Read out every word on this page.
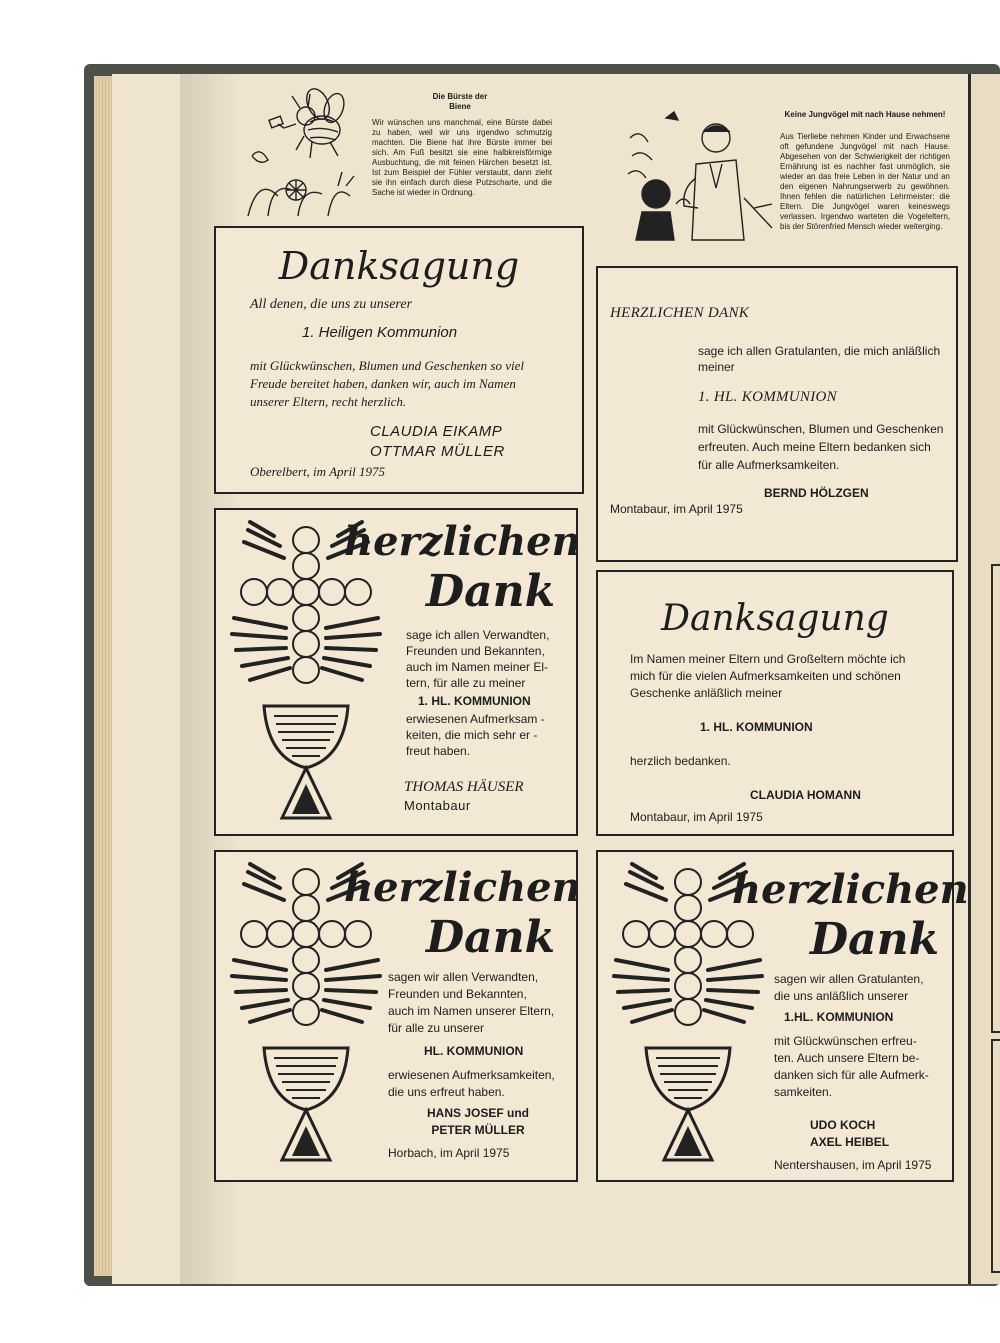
Die Bürste der Biene
Wir wünschen uns manchmal, eine Bürste dabei zu haben, weil wir uns irgendwo schmutzig machten. Die Biene hat ihre Bürste immer bei sich. Am Fuß besitzt sie eine halbkreisförmige Ausbuchtung, die mit feinen Härchen besetzt ist. Ist zum Beispiel der Fühler verstaubt, dann zieht sie ihn einfach durch diese Putzscharte, und die Sache ist wieder in Ordnung.
Keine Jungvögel mit nach Hause nehmen!
Aus Tierliebe nehmen Kinder und Erwachsene oft gefundene Jungvögel mit nach Hause. Abgesehen von der Schwierigkeit der richtigen Ernährung ist es nachher fast unmöglich, sie wieder an das freie Leben in der Natur und an den eigenen Nahrungserwerb zu gewöhnen. Ihnen fehlen die natürlichen Lehrmeister: die Eltern. Die Jungvögel waren keineswegs verlassen. Irgendwo warteten die Vogeleltern, bis der Störenfried Mensch wieder weiterging.
Danksagung
All denen, die uns zu unserer
1. Heiligen Kommunion
mit Glückwünschen, Blumen und Geschenken so viel
Freude bereitet haben, danken wir, auch im Namen
unserer Eltern, recht herzlich.
CLAUDIA EIKAMP
OTTMAR MÜLLER
Oberelbert, im April 1975
HERZLICHEN DANK
sage ich allen Gratulanten, die mich anläßlich
meiner
1. HL. KOMMUNION
mit Glückwünschen, Blumen und Geschenken
erfreuten. Auch meine Eltern bedanken sich
für alle Aufmerksamkeiten.
BERND HÖLZGEN
Montabaur, im April 1975
herzlichen
Dank
sage ich allen Verwandten,
Freunden und Bekannten,
auch im Namen meiner El-
tern, für alle zu meiner
1. HL. KOMMUNION
erwiesenen Aufmerksam -
keiten, die mich sehr er -
freut haben.
THOMAS HÄUSER
Montabaur
Danksagung
Im Namen meiner Eltern und Großeltern möchte ich
mich für die vielen Aufmerksamkeiten und schönen
Geschenke anläßlich meiner
1. HL. KOMMUNION
herzlich bedanken.
CLAUDIA HOMANN
Montabaur, im April 1975
herzlichen
Dank
sagen wir allen Verwandten,
Freunden und Bekannten,
auch im Namen unserer Eltern,
für alle zu unserer
HL. KOMMUNION
erwiesenen Aufmerksamkeiten,
die uns erfreut haben.
HANS JOSEF und
PETER MÜLLER
Horbach, im April 1975
herzlichen
Dank
sagen wir allen Gratulanten,
die uns anläßlich unserer
1.HL. KOMMUNION
mit Glückwünschen erfreu-
ten. Auch unsere Eltern be-
danken sich für alle Aufmerk-
samkeiten.
UDO KOCH
AXEL HEIBEL
Nentershausen, im April 1975
